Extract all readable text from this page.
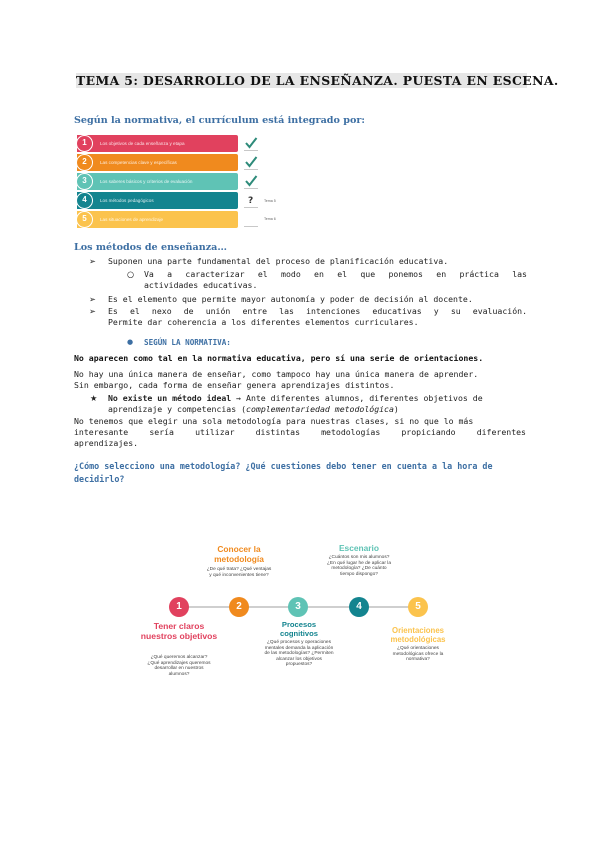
TEMA 5: DESARROLLO DE LA ENSEÑANZA. PUESTA EN ESCENA.
Según la normativa, el currículum está integrado por:
1	Los objetivos de cada enseñanza y etapa
2	Las competencias clave y específicas
3	Los saberes básicos y criterios de evaluación
4	Los métodos pedagógicos
5	Las situaciones de aprendizaje
?	Tema 5
Tema 6
Los métodos de enseñanza…
➢ Suponen una parte fundamental del proceso de planificación educativa.
○ Va a caracterizar el modo en el que ponemos en práctica las
actividades educativas.
➢ Es el elemento que permite mayor autonomía y poder de decisión al docente.
➢ Es el nexo de unión entre las intenciones educativas y su evaluación.
Permite dar coherencia a los diferentes elementos curriculares.
● SEGÚN LA NORMATIVA:
No aparecen como tal en la normativa educativa, pero sí una serie de orientaciones.
No hay una única manera de enseñar, como tampoco hay una única manera de aprender.
Sin embargo, cada forma de enseñar genera aprendizajes distintos.
★ No existe un método ideal → Ante diferentes alumnos, diferentes objetivos de
aprendizaje y competencias (complementariedad metodológica)
No tenemos que elegir una sola metodología para nuestras clases, si no que lo más
interesante sería utilizar distintas metodologías propiciando diferentes
aprendizajes.
¿Cómo selecciono una metodología? ¿Qué cuestiones debo tener en cuenta a la hora de decidirlo?
1	2	3	4	5
Tener claros nuestros objetivos
¿Qué queremos alcanzar? ¿Qué aprendizajes queremos desarrollar en nuestros alumnos?
Conocer la metodología
¿De qué trata? ¿Qué ventajas y qué inconvenientes tiene?
Procesos cognitivos
¿Qué procesos y operaciones mentales demanda la aplicación de las metodologías? ¿Permiten alcanzar los objetivos propuestos?
Escenario
¿Cuántos son mis alumnos? ¿En qué lugar he de aplicar la metodología? ¿De cuánto tiempo dispongo?
Orientaciones metodológicas
¿Qué orientaciones metodológicas ofrece la normativa?
